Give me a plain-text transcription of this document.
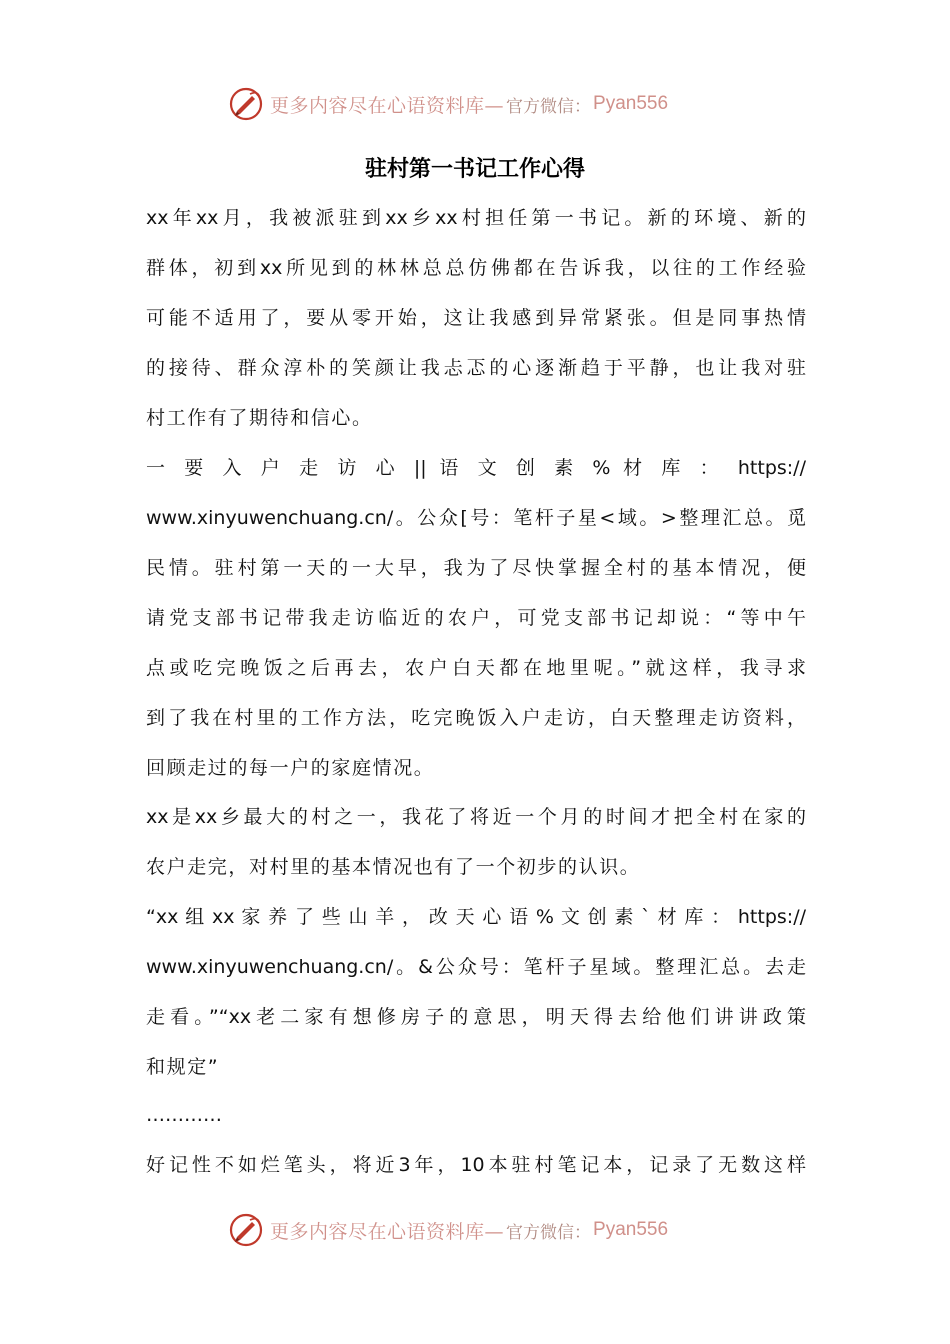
更多内容尽在心语资料库— 官方微信： Pyan556
驻村第一书记工作心得
xx年xx月，我被派驻到xx乡xx村担任第一书记。新的环境、新的
群体，初到xx所见到的林林总总仿佛都在告诉我，以往的工作经验
可能不适用了，要从零开始，这让我感到异常紧张。但是同事热情
的接待、群众淳朴的笑颜让我忐忑的心逐渐趋于平静，也让我对驻
村工作有了期待和信心。
一 要 入 户 走 访 心 || 语 文 创 素 % 材 库 ： https://
www.xinyuwenchuang.cn/。公众[号：笔杆子星<域。>整理汇总。觅
民情。驻村第一天的一大早，我为了尽快掌握全村的基本情况，便
请党支部书记带我走访临近的农户，可党支部书记却说：“等中午
点或吃完晚饭之后再去，农户白天都在地里呢。”就这样，我寻求
到了我在村里的工作方法，吃完晚饭入户走访，白天整理走访资料，
回顾走过的每一户的家庭情况。
xx是xx乡最大的村之一，我花了将近一个月的时间才把全村在家的
农户走完，对村里的基本情况也有了一个初步的认识。
“xx 组 xx 家 养 了 些 山 羊 ， 改 天 心 语 % 文 创 素 ` 材 库 ： https://
www.xinyuwenchuang.cn/。&公众号：笔杆子星域。整理汇总。去走
走看。”“xx老二家有想修房子的意思，明天得去给他们讲讲政策
和规定”
…………
好记性不如烂笔头，将近3年，10本驻村笔记本，记录了无数这样
更多内容尽在心语资料库— 官方微信： Pyan556
